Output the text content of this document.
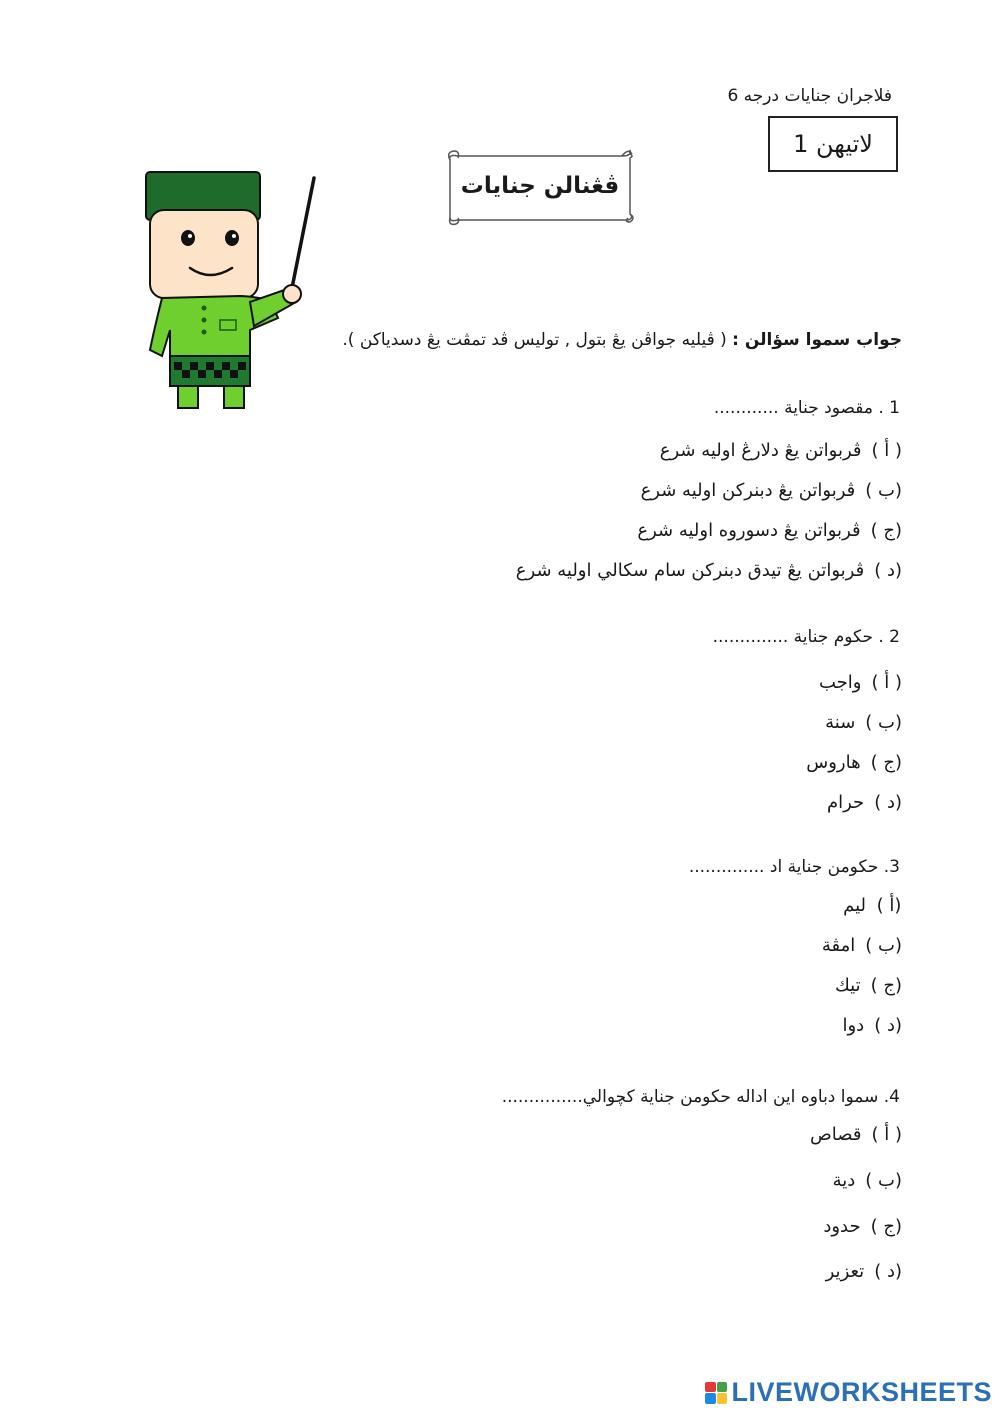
فلاجران جنايات درجه 6
لاتيهن 1
ڤڠنالن جنايات
جواب سموا سؤالن : ( ڤيليه جواڤن يڠ بتول , توليس ڤد تمڤت يڠ دسدياكن ).
1 . مقصود جناية ............
( أ )
ڤربواتن يڠ دلارڠ اوليه شرع
(ب )
ڤربواتن يڠ دبنركن اوليه شرع
(ج )
ڤربواتن يڠ دسوروه اوليه شرع
(د )
ڤربواتن يڠ تيدق دبنركن سام سكالي اوليه شرع
2 . حكوم جناية ..............
( أ )
واجب
(ب )
سنة
(ج )
هاروس
(د )
حرام
3. حكومن جناية اد ..............
(أ )
ليم
(ب )
امڤة
(ج )
تيك
(د )
دوا
4. سموا دباوه اين اداله حكومن جناية كچوالي...............
( أ )
قصاص
(ب )
دية
(ج )
حدود
(د )
تعزير
LIVEWORKSHEETS
